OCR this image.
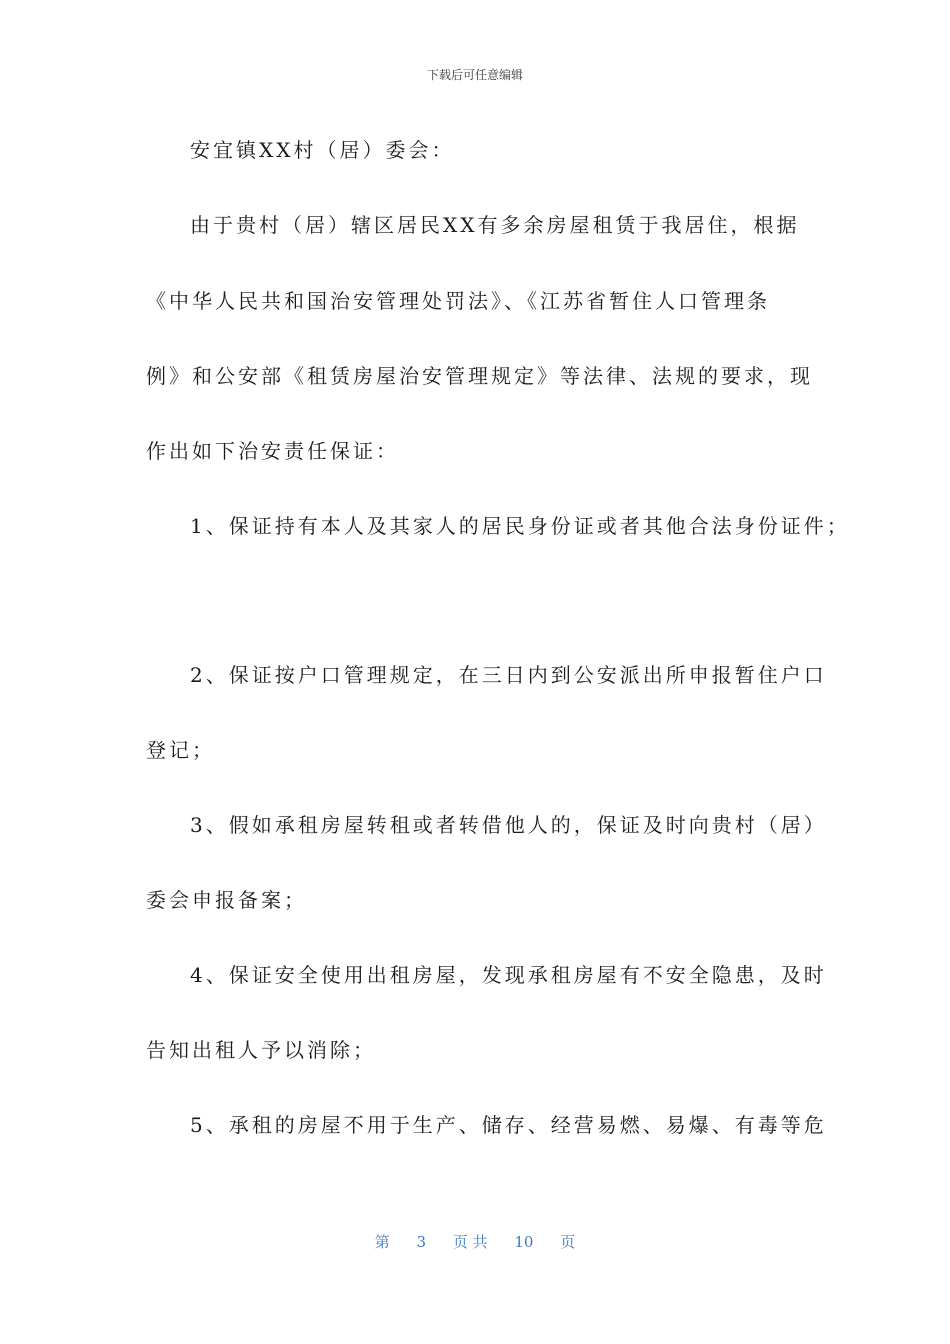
下载后可任意编辑
安宜镇XX村（居）委会：
由于贵村（居）辖区居民XX有多余房屋租赁于我居住，根据
《中华人民共和国治安管理处罚法》、《江苏省暂住人口管理条
例》和公安部《租赁房屋治安管理规定》等法律、法规的要求，现
作出如下治安责任保证：
1、保证持有本人及其家人的居民身份证或者其他合法身份证件；
2、保证按户口管理规定，在三日内到公安派出所申报暂住户口
登记；
3、假如承租房屋转租或者转借他人的，保证及时向贵村（居）
委会申报备案；
4、保证安全使用出租房屋，发现承租房屋有不安全隐患，及时
告知出租人予以消除；
5、承租的房屋不用于生产、储存、经营易燃、易爆、有毒等危
第 3 页 共 10 页
